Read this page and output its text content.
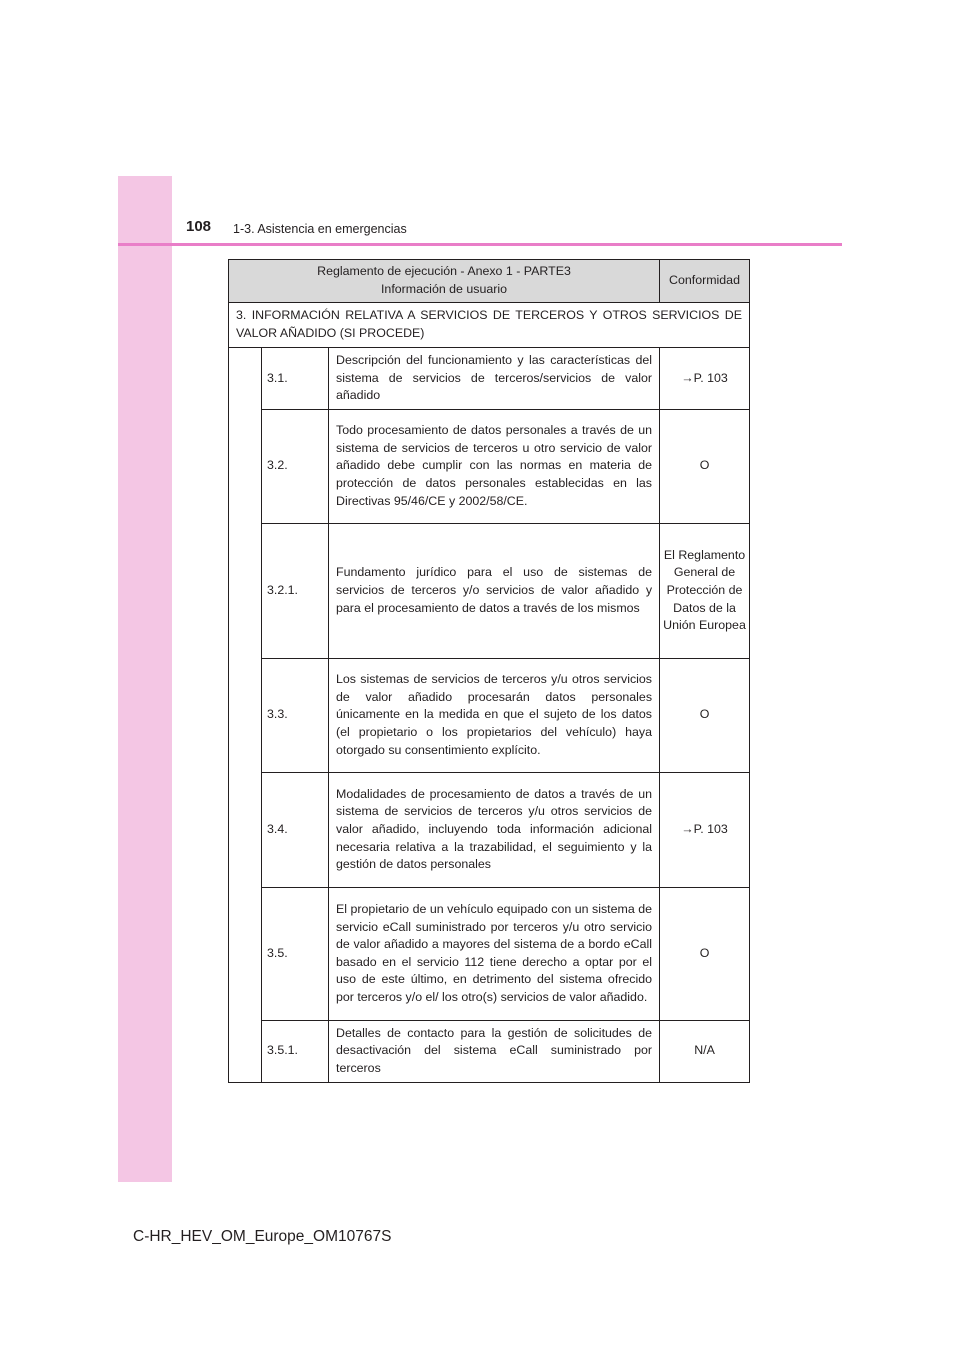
108 1-3. Asistencia en emergencias
Reglamento de ejecución - Anexo 1 - PARTE3
Información de usuario			Conformidad
3. INFORMACIÓN RELATIVA A SERVICIOS DE TERCEROS Y OTROS SERVICIOS DE VALOR AÑADIDO (SI PROCEDE)			
	3.1.	Descripción del funcionamiento y las características del sistema de servicios de terceros/servicios de valor añadido	→P. 103
	3.2.	Todo procesamiento de datos personales a través de un sistema de servicios de terceros u otro servicio de valor añadido debe cumplir con las normas en materia de protección de datos personales establecidas en las Directivas 95/46/CE y 2002/58/CE.	O
	3.2.1.	Fundamento jurídico para el uso de sistemas de servicios de terceros y/o servicios de valor añadido y para el procesamiento de datos a través de los mismos	El Reglamento General de Protección de Datos de la Unión Europea
	3.3.	Los sistemas de servicios de terceros y/u otros servicios de valor añadido procesarán datos personales únicamente en la medida en que el sujeto de los datos (el propietario o los propietarios del vehículo) haya otorgado su consentimiento explícito.	O
	3.4.	Modalidades de procesamiento de datos a través de un sistema de servicios de terceros y/u otros servicios de valor añadido, incluyendo toda información adicional necesaria relativa a la trazabilidad, el seguimiento y la gestión de datos personales	→P. 103
	3.5.	El propietario de un vehículo equipado con un sistema de servicio eCall suministrado por terceros y/u otro servicio de valor añadido a mayores del sistema de a bordo eCall basado en el servicio 112 tiene derecho a optar por el uso de este último, en detrimento del sistema ofrecido por terceros y/o el/ los otro(s) servicios de valor añadido.	O
	3.5.1.	Detalles de contacto para la gestión de solicitudes de desactivación del sistema eCall suministrado por terceros	N/A
C-HR_HEV_OM_Europe_OM10767S
